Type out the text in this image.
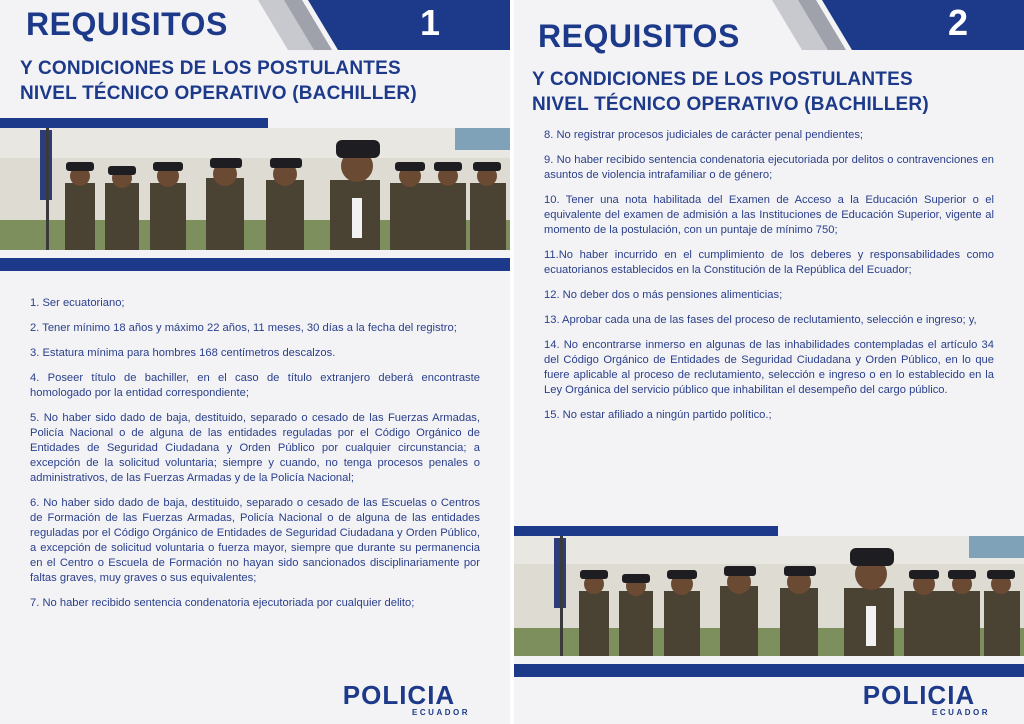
1
REQUISITOS
Y CONDICIONES DE LOS POSTULANTES
NIVEL TÉCNICO OPERATIVO (BACHILLER)
1. Ser ecuatoriano;
2. Tener mínimo 18 años y máximo 22 años, 11 meses, 30 días a la fecha del registro;
3. Estatura mínima para hombres 168 centímetros descalzos.
4. Poseer título de bachiller, en el caso de título extranjero deberá encontraste homologado por la entidad correspondiente;
5. No haber sido dado de baja, destituido, separado o cesado de las Fuerzas Armadas, Policía Nacional o de alguna de las entidades reguladas por el Código Orgánico de Entidades de Seguridad Ciudadana y Orden Público por cualquier circunstancia; a excepción de la solicitud voluntaria; siempre y cuando, no tenga procesos penales o administrativos, de las Fuerzas Armadas y de la Policía Nacional;
6. No haber sido dado de baja, destituido, separado o cesado de las Escuelas o Centros de Formación de las Fuerzas Armadas, Policía Nacional o de alguna de las entidades reguladas por el Código Orgánico de Entidades de Seguridad Ciudadana y Orden Público, a excepción de solicitud voluntaria o fuerza mayor, siempre que durante su permanencia en el Centro o Escuela de Formación no hayan sido sancionados disciplinariamente por faltas graves, muy graves o sus equivalentes;
7. No haber recibido sentencia condenatoria ejecutoriada por cualquier delito;
POLICIA
ECUADOR
2
REQUISITOS
Y CONDICIONES DE LOS POSTULANTES
NIVEL TÉCNICO OPERATIVO (BACHILLER)
8. No registrar procesos judiciales de carácter penal pendientes;
9. No haber recibido sentencia condenatoria ejecutoriada por delitos o contravenciones en asuntos de violencia intrafamiliar o de género;
10. Tener una nota habilitada del Examen de Acceso a la Educación Superior o el equivalente del examen de admisión a las Instituciones de Educación Superior, vigente al momento de la postulación, con un puntaje de mínimo 750;
11.No haber incurrido en el cumplimiento de los deberes y responsabilidades como ecuatorianos establecidos en la Constitución de la República del Ecuador;
12. No deber dos o más pensiones alimenticias;
13. Aprobar cada una de las fases del proceso de reclutamiento, selección e ingreso; y,
14. No encontrarse inmerso en algunas de las inhabilidades contempladas el artículo 34 del Código Orgánico de Entidades de Seguridad Ciudadana y Orden Público, en lo que fuere aplicable al proceso de reclutamiento, selección e ingreso o en lo establecido en la Ley Orgánica del servicio público que inhabilitan el desempeño del cargo público.
15. No estar afiliado a ningún partido político.;
POLICIA
ECUADOR
